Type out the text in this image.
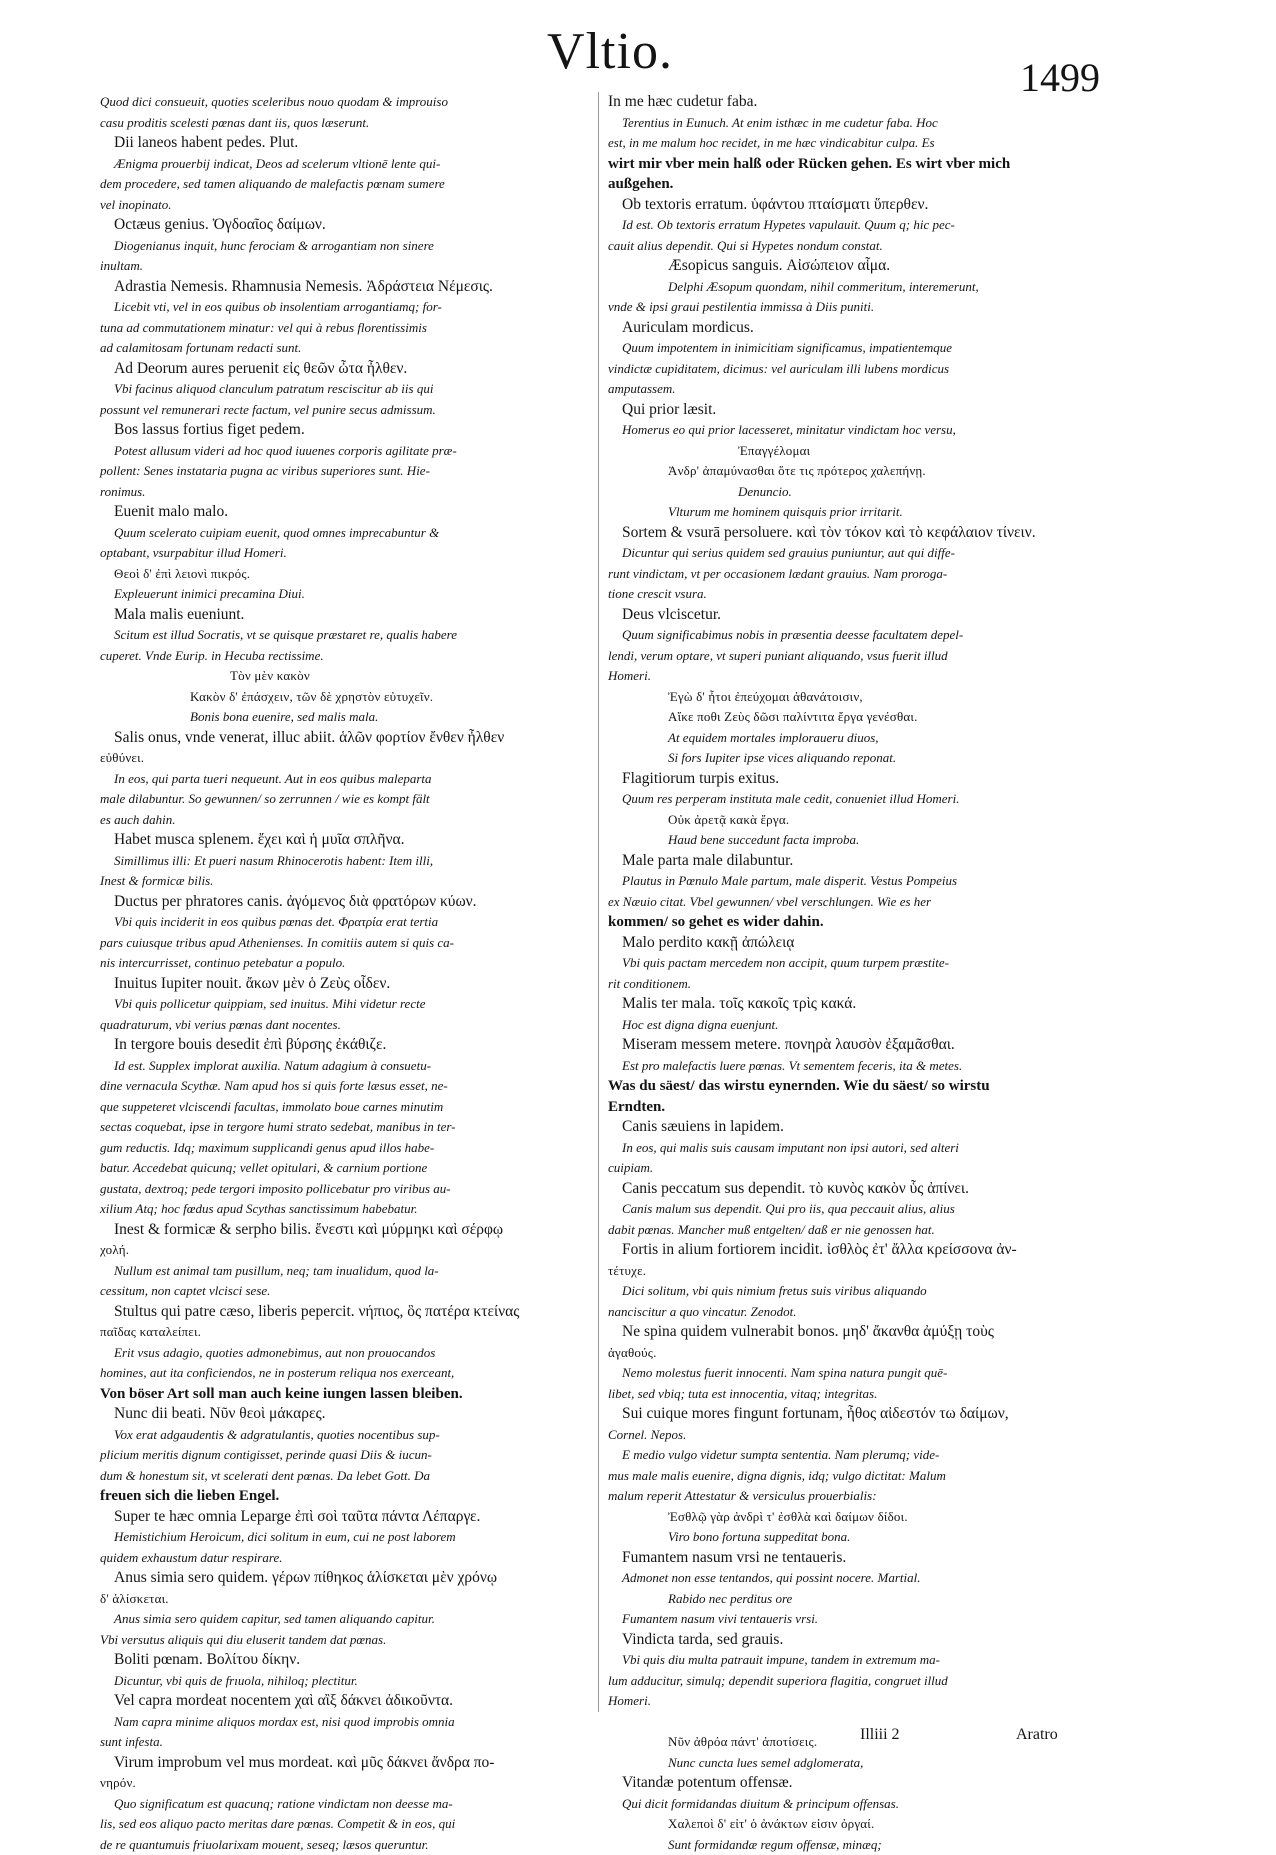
Vltio.	1499
Quod dici consueuit, quoties sceleribus nouo quodam & improuiso
casu proditis scelesti pœnas dant iis, quos læserunt.
Dii laneos habent pedes. Plut.
Ænigma prouerbij indicat, Deos ad scelerum vltionē lente qui-
dem procedere, sed tamen aliquando de malefactis pœnam sumere
vel inopinato.
Octæus genius. Ὀγδοαῖος δαίμων.
Diogenianus inquit, hunc ferociam & arrogantiam non sinere
inultam.
Adrastia Nemesis. Rhamnusia Nemesis. Ἀδράστεια Νέμεσις.
Licebit vti, vel in eos quibus ob insolentiam arrogantiamq; for-
tuna ad commutationem minatur: vel qui à rebus florentissimis
ad calamitosam fortunam redacti sunt.
Ad Deorum aures peruenit εἰς θεῶν ὦτα ἦλθεν.
Vbi facinus aliquod clanculum patratum resciscitur ab iis qui
possunt vel remunerari recte factum, vel punire secus admissum.
Bos lassus fortius figet pedem.
Potest allusum videri ad hoc quod iuuenes corporis agilitate præ-
pollent: Senes instataria pugna ac viribus superiores sunt. Hie-
ronimus.
Euenit malo malo.
Quum scelerato cuipiam euenit, quod omnes imprecabuntur &
optabant, vsurpabitur illud Homeri.
Θεοὶ δ' ἐπὶ λειονὶ πικρός.
Expleuerunt inimici precamina Diui.
Mala malis eueniunt.
Scitum est illud Socratis, vt se quisque præstaret re, qualis habere
cuperet. Vnde Eurip. in Hecuba rectissime.
Τὸν μὲν κακὸν
Κακὸν δ' ἐπάσχειν, τῶν δὲ χρηστὸν εὐτυχεῖν.
Bonis bona euenire, sed malis mala.
Salis onus, vnde venerat, illuc abiit. ἁλῶν φορτίον ἔνθεν ἦλθεν
εὐθύνει.
In eos, qui parta tueri nequeunt. Aut in eos quibus maleparta
male dilabuntur. So gewunnen/ so zerrunnen / wie es kompt fält
es auch dahin.
Habet musca splenem. ἔχει καὶ ἡ μυῖα σπλῆνα.
Simillimus illi: Et pueri nasum Rhinocerotis habent: Item illi,
Inest & formicæ bilis.
Ductus per phratores canis. ἀγόμενος διὰ φρατόρων κύων.
Vbi quis inciderit in eos quibus pœnas det. Φρατρία erat tertia
pars cuiusque tribus apud Athenienses. In comitiis autem si quis ca-
nis intercurrisset, continuo petebatur a populo.
Inuitus Iupiter nouit. ἄκων μὲν ὁ Ζεὺς οἶδεν.
Vbi quis pollicetur quippiam, sed inuitus. Mihi videtur recte
quadraturum, vbi verius pœnas dant nocentes.
In tergore bouis desedit ἐπὶ βύρσης ἐκάθιζε.
Id est. Supplex implorat auxilia. Natum adagium à consuetu-
dine vernacula Scythæ. Nam apud hos si quis forte læsus esset, ne-
que suppeteret vlciscendi facultas, immolato boue carnes minutim
sectas coquebat, ipse in tergore humi strato sedebat, manibus in ter-
gum reductis. Idq; maximum supplicandi genus apud illos habe-
batur. Accedebat quicunq; vellet opitulari, & carnium portione
gustata, dextroq; pede tergori imposito pollicebatur pro viribus au-
xilium Atq; hoc fœdus apud Scythas sanctissimum habebatur.
Inest & formicæ & serpho bilis. ἔνεστι καὶ μύρμηκι καὶ σέρφῳ
χολή.
Nullum est animal tam pusillum, neq; tam inualidum, quod la-
cessitum, non captet vlcisci sese.
Stultus qui patre cæso, liberis pepercit. νήπιος, ὃς πατέρα κτείνας
παῖδας καταλείπει.
Erit vsus adagio, quoties admonebimus, aut non prouocandos
homines, aut ita conficiendos, ne in posterum reliqua nos exerceant,
Von böser Art soll man auch keine iungen lassen bleiben.
Nunc dii beati. Νῦν θεοὶ μάκαρες.
Vox erat adgaudentis & adgratulantis, quoties nocentibus sup-
plicium meritis dignum contigisset, perinde quasi Diis & iucun-
dum & honestum sit, vt scelerati dent pœnas. Da lebet Gott. Da
freuen sich die lieben Engel.
Super te hæc omnia Leparge ἐπὶ σοὶ ταῦτα πάντα Λέπαργε.
Hemistichium Heroicum, dici solitum in eum, cui ne post laborem
quidem exhaustum datur respirare.
Anus simia sero quidem. γέρων πίθηκος ἁλίσκεται μὲν χρόνῳ
δ' ἁλίσκεται.
Anus simia sero quidem capitur, sed tamen aliquando capitur.
Vbi versutus aliquis qui diu eluserit tandem dat pœnas.
Boliti pœnam. Βολίτου δίκην.
Dicuntur, vbi quis de frıuola, nihiloq; plectitur.
Vel capra mordeat nocentem χαὶ αἲξ δάκνει ἀδικοῦντα.
Nam capra minime aliquos mordax est, nisi quod improbis omnia
sunt infesta.
Virum improbum vel mus mordeat. καὶ μῦς δάκνει ἄνδρα πο-
νηρόν.
Quo significatum est quacunq; ratione vindictam non deesse ma-
lis, sed eos aliquo pacto meritas dare pœnas. Competit & in eos, qui
de re quantumuis friuolarixam mouent, seseq; læsos queruntur.
In me hæc cudetur faba.
Terentius in Eunuch. At enim isthæc in me cudetur faba. Hoc
est, in me malum hoc recidet, in me hæc vindicabitur culpa. Es
wirt mir vber mein halß oder Rücken gehen. Es wirt vber mich
außgehen.
Ob textoris erratum. ὑφάντου πταίσματι ὕπερθεν.
Id est. Ob textoris erratum Hypetes vapulauit. Quum q; hic pec-
cauit alius dependit. Qui si Hypetes nondum constat.
Æsopicus sanguis. Αἰσώπειον αἷμα.
Delphi Æsopum quondam, nihil commeritum, interemerunt,
vnde & ipsi graui pestilentia immissa à Diis puniti.
Auriculam mordicus.
Quum impotentem in inimicitiam significamus, impatientemque
vindictæ cupiditatem, dicimus: vel auriculam illi lubens mordicus
amputassem.
Qui prior læsit.
Homerus eo qui prior lacesseret, minitatur vindictam hoc versu,
Ἐπαγγέλομαι
Ἀνδρ' ἀπαμύνασθαι ὅτε τις πρότερος χαλεπήνῃ.
Denuncio.
Vlturum me hominem quisquis prior irritarit.
Sortem & vsurā persoluere. καὶ τὸν τόκον καὶ τὸ κεφάλαιον τίνειν.
Dicuntur qui serius quidem sed grauius puniuntur, aut qui diffe-
runt vindictam, vt per occasionem lædant grauius. Nam proroga-
tione crescit vsura.
Deus vlciscetur.
Quum significabimus nobis in præsentia deesse facultatem depel-
lendi, verum optare, vt superi puniant aliquando, vsus fuerit illud
Homeri.
Ἐγὼ δ' ἦτοι ἐπεύχομαι ἀθανάτοισιν,
Αἴκε ποθι Ζεὺς δῶσι παλίντιτα ἔργα γενέσθαι.
At equidem mortales imploraueru diuos,
Si fors Iupiter ipse vices aliquando reponat.
Flagitiorum turpis exitus.
Quum res perperam instituta male cedit, conueniet illud Homeri.
Οὐκ ἀρετᾷ κακὰ ἔργα.
Haud bene succedunt facta improba.
Male parta male dilabuntur.
Plautus in Pœnulo Male partum, male disperit. Vestus Pompeius
ex Næuio citat. Vbel gewunnen/ vbel verschlungen. Wie es her
kommen/ so gehet es wider dahin.
Malo perdito κακῇ ἀπώλειᾳ
Vbi quis pactam mercedem non accipit, quum turpem præstite-
rit conditionem.
Malis ter mala. τοῖς κακοῖς τρὶς κακά.
Hoc est digna digna euenjunt.
Miseram messem metere. πονηρὰ λαυσὸν ἐξαμᾶσθαι.
Est pro malefactis luere pœnas. Vt sementem feceris, ita & metes.
Was du säest/ das wirstu eynernden. Wie du säest/ so wirstu
Erndten.
Canis sæuiens in lapidem.
In eos, qui malis suis causam imputant non ipsi autori, sed alteri
cuipiam.
Canis peccatum sus dependit. τὸ κυνὸς κακὸν ὗς ἀπίνει.
Canis malum sus dependit. Qui pro iis, qua peccauit alius, alius
dabit pœnas. Mancher muß entgelten/ daß er nie genossen hat.
Fortis in alium fortiorem incidit. ἰσθλὸς ἐτ' ἄλλα κρείσσονα ἀν-
τέτυχε.
Dici solitum, vbi quis nimium fretus suis viribus aliquando
nanciscitur a quo vincatur. Zenodot.
Ne spina quidem vulnerabit bonos. μηδ' ἄκανθα ἀμύξῃ τοὺς
ἀγαθούς.
Nemo molestus fuerit innocenti. Nam spina natura pungit quē-
libet, sed vbiq; tuta est innocentia, vitaq; integritas.
Sui cuique mores fingunt fortunam, ἦθος αἰδεστόν τω δαίμων,
Cornel. Nepos.
E medio vulgo videtur sumpta sententia. Nam plerumq; vide-
mus male malis euenire, digna dignis, idq; vulgo dictitat: Malum
malum reperit Attestatur & versiculus prouerbialis:
Ἐσθλῷ γὰρ ἀνδρὶ τ' ἐσθλὰ καὶ δαίμων δίδοι.
Viro bono fortuna suppeditat bona.
Fumantem nasum vrsi ne tentaueris.
Admonet non esse tentandos, qui possint nocere. Martial.
Rabido nec perditus ore
Fumantem nasum vivi tentaueris vrsi.
Vindicta tarda, sed grauis.
Vbi quis diu multa patrauit impune, tandem in extremum ma-
lum adducitur, simulq; dependit superiora flagitia, congruet illud
Homeri.
Νῦν ἀθρόα πάντ' ἀποτίσεις.
Nunc cuncta lues semel adglomerata,
Vitandæ potentum offensæ.
Qui dicit formidandas diuitum & principum offensas.
Χαλεποὶ δ' εἰτ' ὁ ἀνάκτων εἰσιν ὀργαί.
Sunt formidandæ regum offensæ, minæq;
Illiii 2	Aratro
